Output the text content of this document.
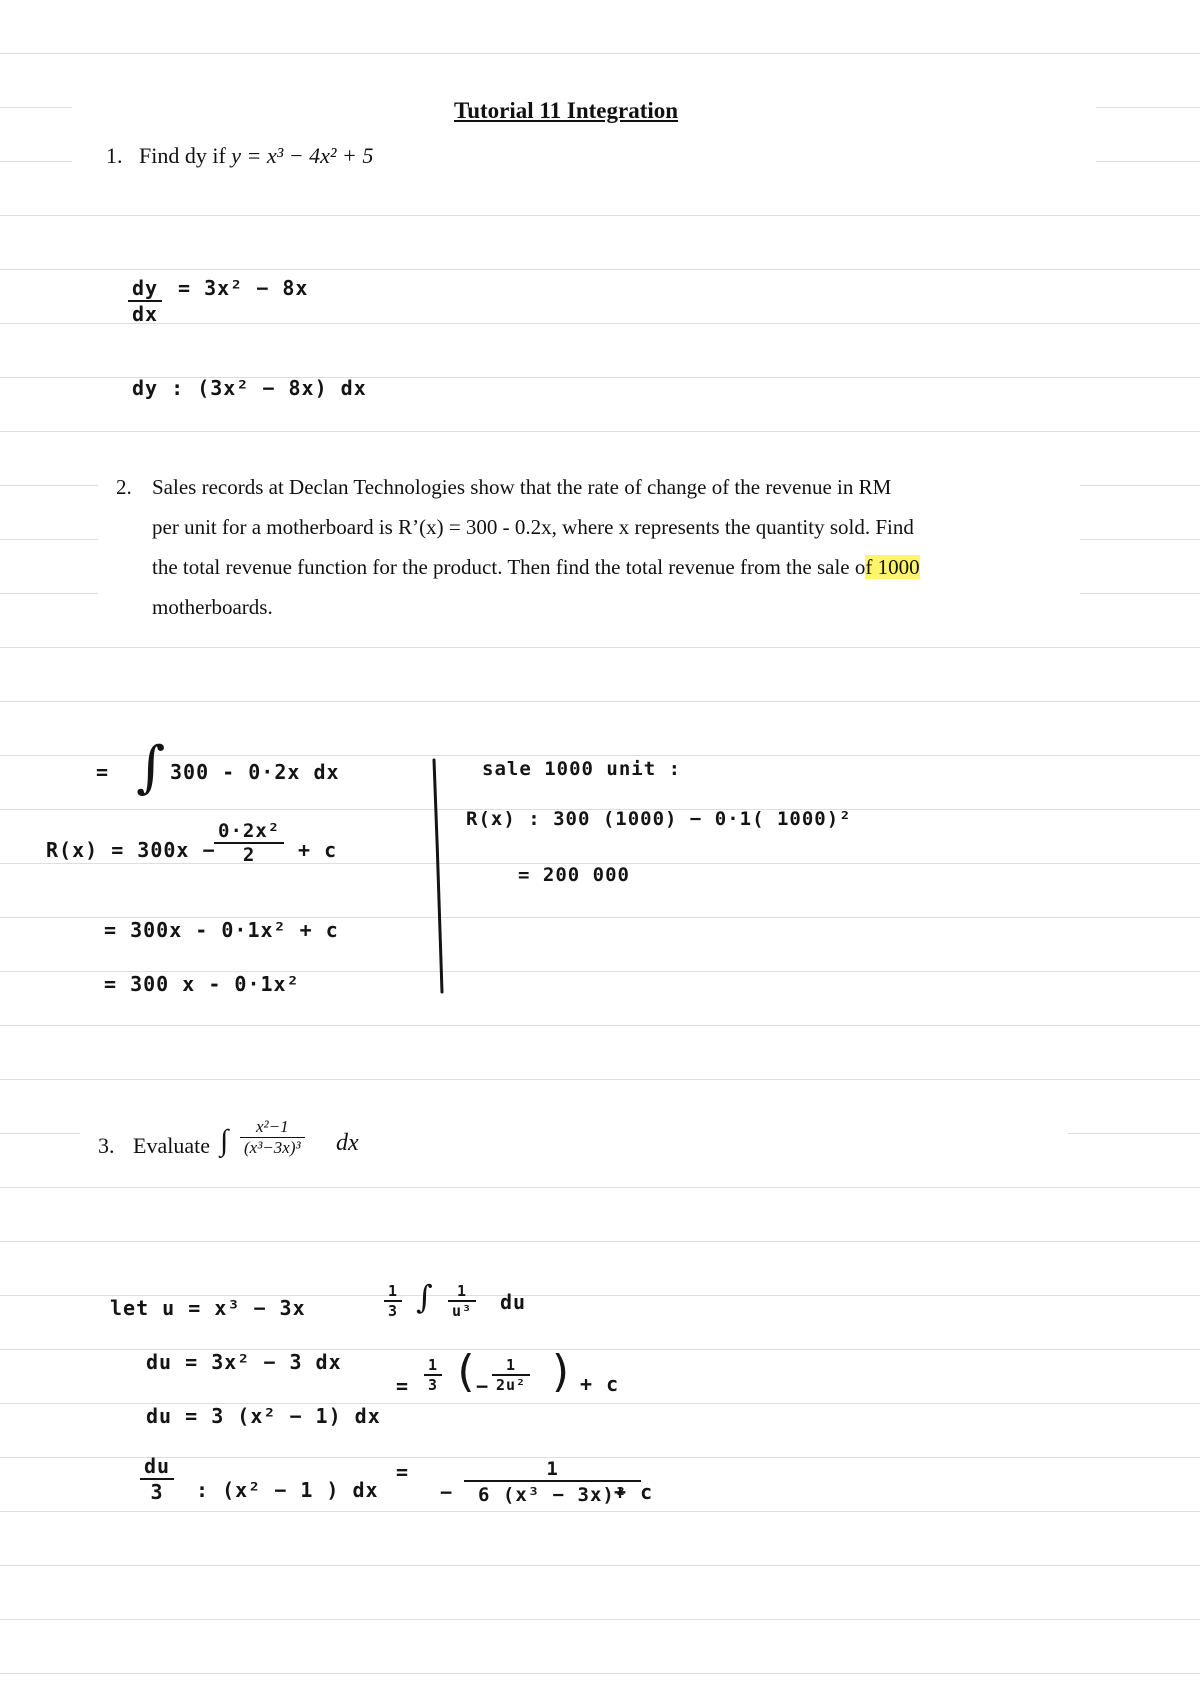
Tutorial 11 Integration
1. Find dy if y = x³ − 4x² + 5
$\frac{dy}{dx} = 3x^2 - 8x$
dy : (3x² − 8x) dx
2. Sales records at Declan Technologies show that the rate of change of the revenue in RM
per unit for a motherboard is R’(x) = 300 - 0.2x, where x represents the quantity sold. Find
the total revenue function for the product. Then find the total revenue from the sale of 1000
motherboards.
= ∫ 300 - 0·2x dx
R(x) = 300x −
$\frac{\text{0·2x²}}{2} + c$
= 300x - 0·1x² + c
= 300 x - 0·1x²
sale 1000 unit :
R(x) : 300 (1000) − 0·1( 1000)²
= 200 000
3. Evaluate ∫ $\frac{\text{x²−1}}{\text{(x³−3x)³}}$ dx
let u = x³ − 3x
du = 3x² − 3 dx
du = 3 (x² − 1) dx
$\frac{du}{3}$ : (x² − 1 ) dx
$\frac{1}{3}$ ∫ $\frac{1}{\text{u³}}$ du
= $\frac{1}{3}$ (
− $\frac{1}{\text{2u²}}$ ) + c
=
− $\frac{1}{\text{6 (x³ − 3x)²}}$
+ c
